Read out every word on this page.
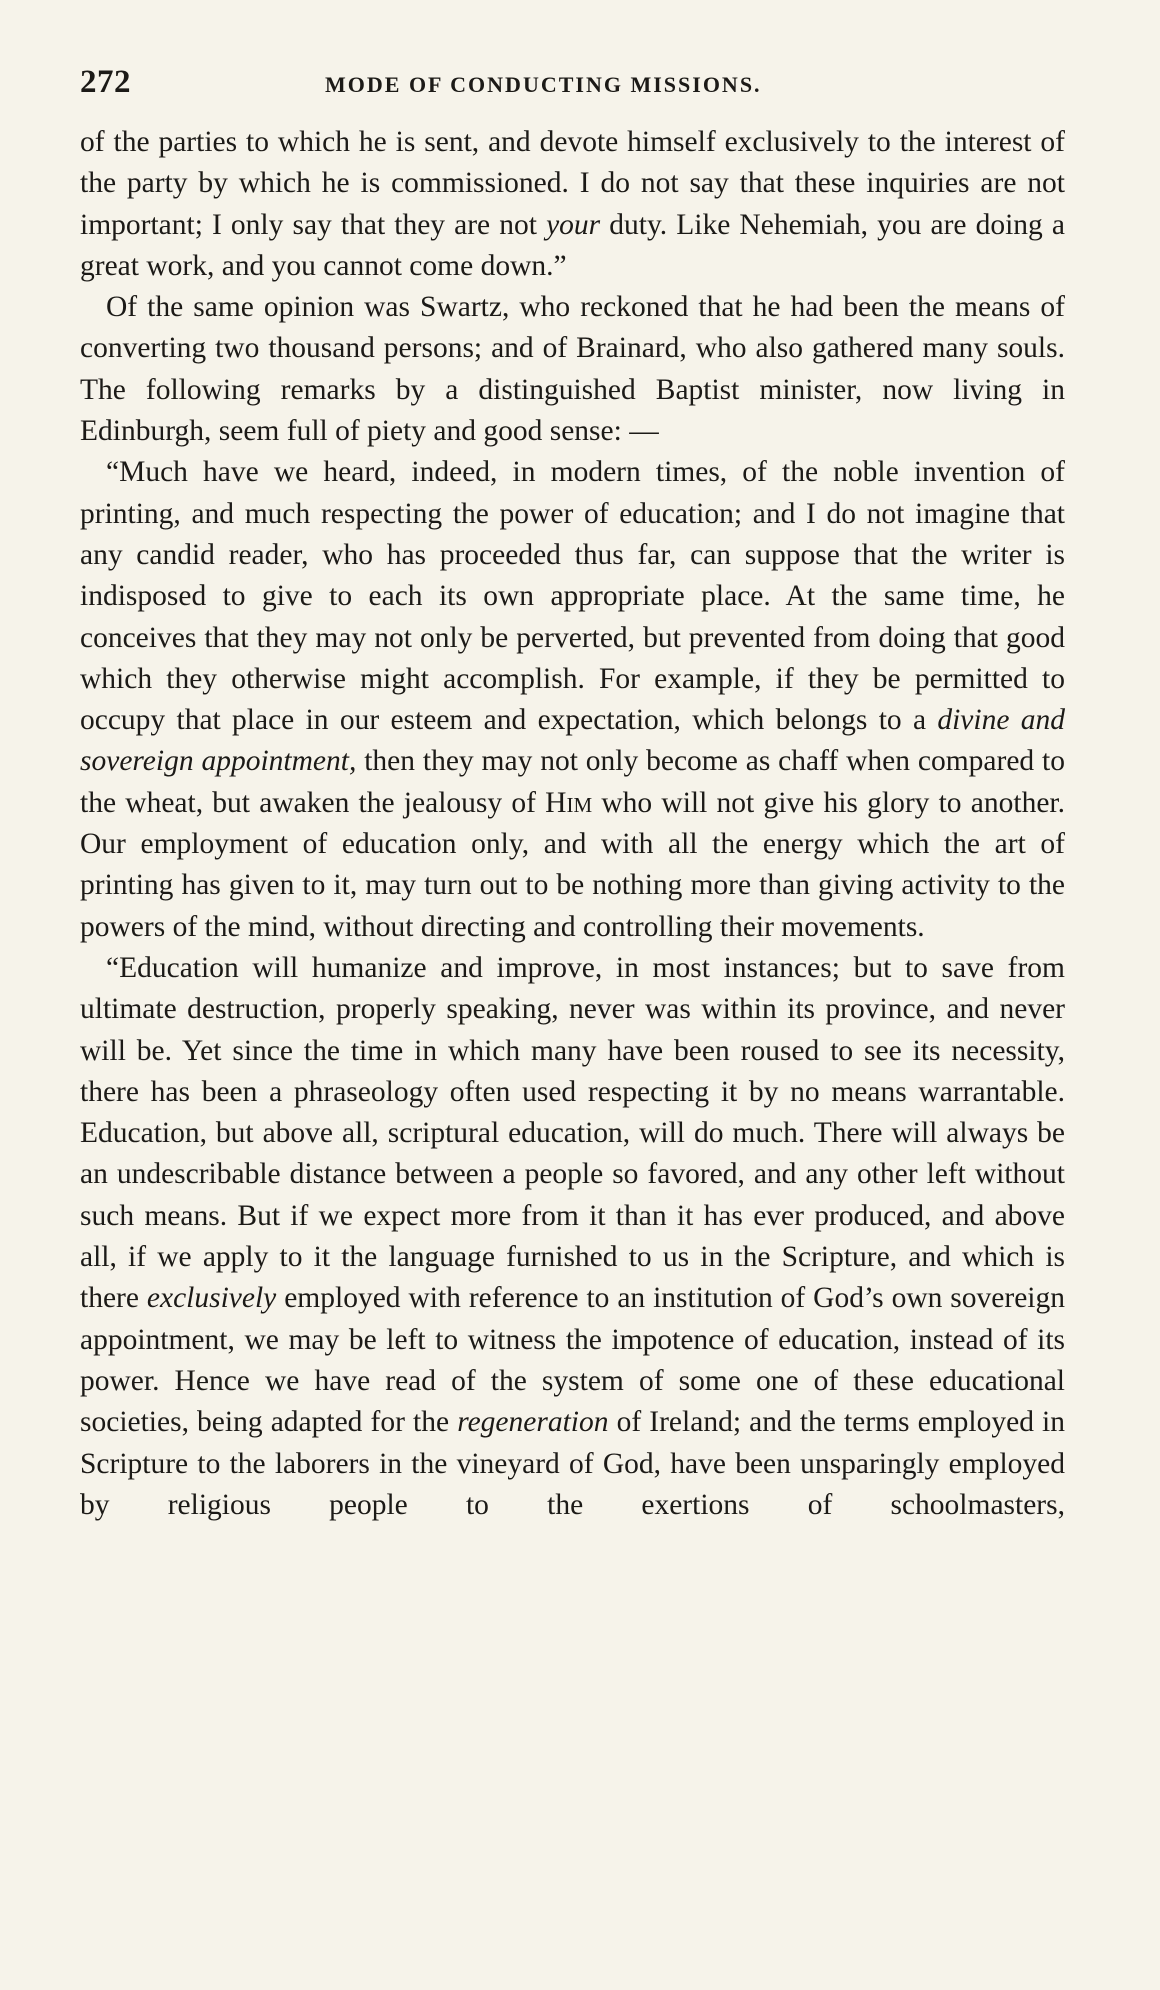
272	MODE OF CONDUCTING MISSIONS.

of the parties to which he is sent, and devote himself exclusively to the interest of the party by which he is commissioned. I do not say that these inquiries are not important; I only say that they are not your duty. Like Nehemiah, you are doing a great work, and you cannot come down.”

Of the same opinion was Swartz, who reckoned that he had been the means of converting two thousand persons; and of Brainard, who also gathered many souls. The following remarks by a distinguished Baptist minister, now living in Edinburgh, seem full of piety and good sense: —

“Much have we heard, indeed, in modern times, of the noble invention of printing, and much respecting the power of education; and I do not imagine that any candid reader, who has proceeded thus far, can suppose that the writer is indisposed to give to each its own appropriate place. At the same time, he conceives that they may not only be perverted, but prevented from doing that good which they otherwise might accomplish. For example, if they be permitted to occupy that place in our esteem and expectation, which belongs to a divine and sovereign appointment, then they may not only become as chaff when compared to the wheat, but awaken the jealousy of Him who will not give his glory to another. Our employment of education only, and with all the energy which the art of printing has given to it, may turn out to be nothing more than giving activity to the powers of the mind, without directing and controlling their movements.

“Education will humanize and improve, in most instances; but to save from ultimate destruction, properly speaking, never was within its province, and never will be. Yet since the time in which many have been roused to see its necessity, there has been a phraseology often used respecting it by no means warrantable. Education, but above all, scriptural education, will do much. There will always be an undescribable distance between a people so favored, and any other left without such means. But if we expect more from it than it has ever produced, and above all, if we apply to it the language furnished to us in the Scripture, and which is there exclusively employed with reference to an institution of God’s own sovereign appointment, we may be left to witness the impotence of education, instead of its power. Hence we have read of the system of some one of these educational societies, being adapted for the regeneration of Ireland; and the terms employed in Scripture to the laborers in the vineyard of God, have been unsparingly employed by religious people to the exertions of schoolmasters,
